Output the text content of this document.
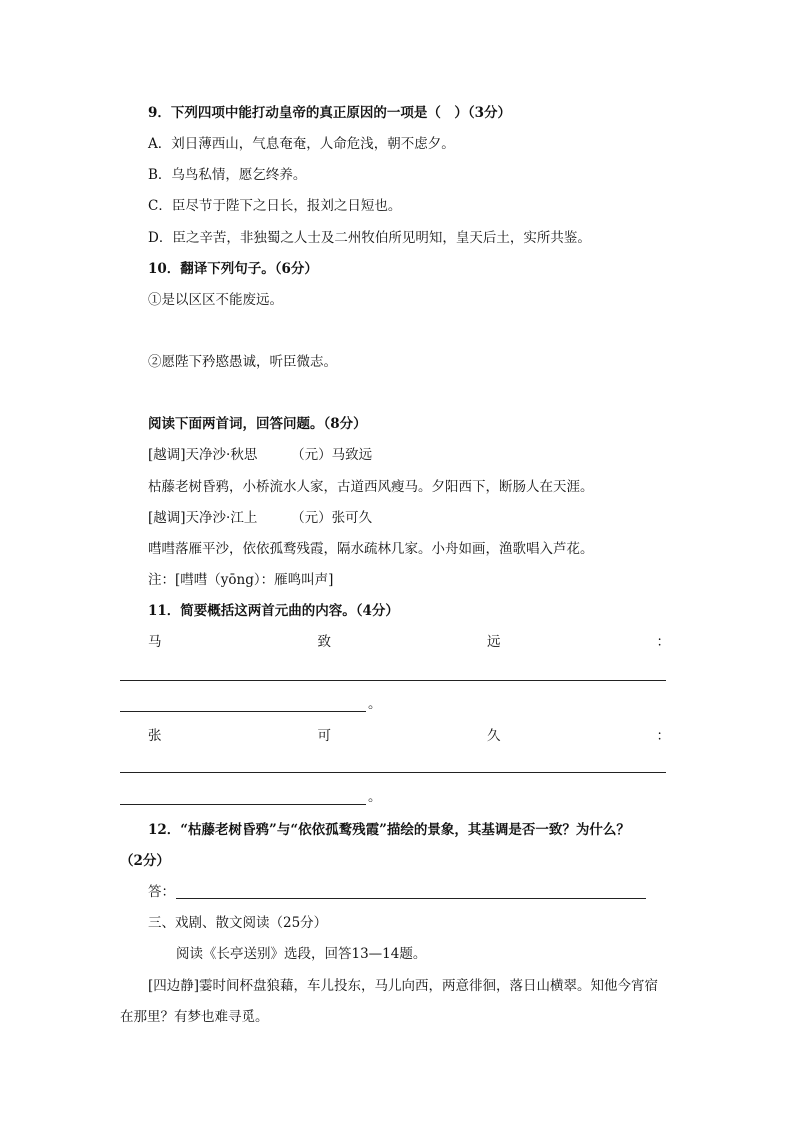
9．下列四项中能打动皇帝的真正原因的一项是（　）（3分）
A．刘日薄西山，气息奄奄，人命危浅，朝不虑夕。
B．乌鸟私情，愿乞终养。
C．臣尽节于陛下之日长，报刘之日短也。
D．臣之辛苦，非独蜀之人士及二州牧伯所见明知，皇天后土，实所共鉴。
10．翻译下列句子。（6分）
①是以区区不能废远。
②愿陛下矜愍愚诚，听臣微志。
阅读下面两首词，回答问题。（8分）
[越调]天净沙·秋思　　　（元）马致远
枯藤老树昏鸦，小桥流水人家，古道西风瘦马。夕阳西下，断肠人在天涯。
[越调]天净沙·江上　　　（元）张可久
嘒嘒落雁平沙，依依孤鹜残霞，隔水疏林几家。小舟如画，渔歌唱入芦花。
注：[嘒嘒（yōng）：雁鸣叫声]
11．简要概括这两首元曲的内容。（4分）
马	致	远	：
。
张	可	久	：
。
12．“枯藤老树昏鸦”与“依依孤鹜残霞”描绘的景象，其基调是否一致？为什么？
（2分）
答：
三、戏剧、散文阅读（25分）
阅读《长亭送别》选段，回答13—14题。
[四边静]霎时间杯盘狼藉，车儿投东，马儿向西，两意徘徊，落日山横翠。知他今宵宿
在那里？有梦也难寻觅。
